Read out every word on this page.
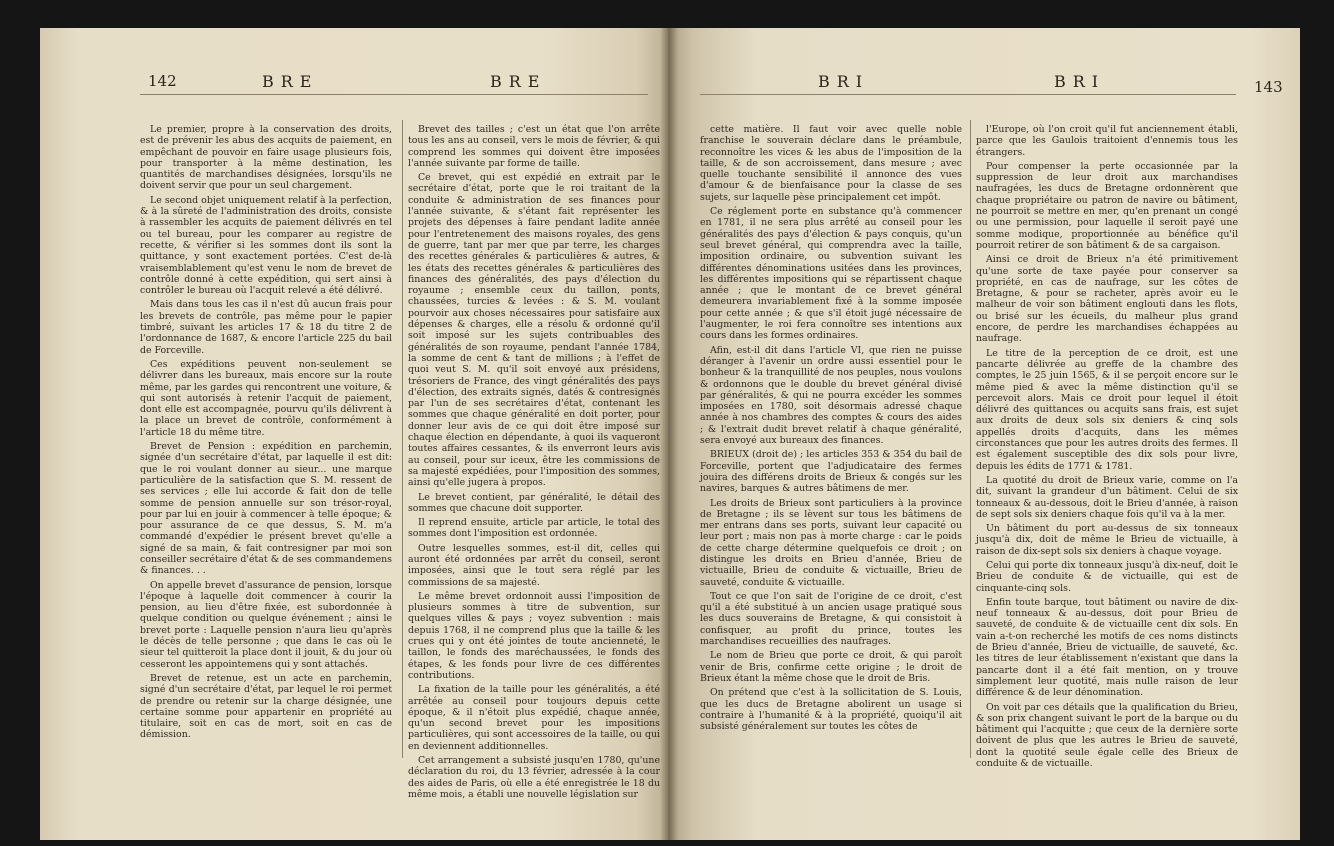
142	BRE	BRE

Le premier, propre à la conservation des droits, est de prévenir les abus des acquits de paiement, en empêchant de pouvoir en faire usage plusieurs fois, pour transporter à la même destination, les quantités de marchandises désignées, lorsqu'ils ne doivent servir que pour un seul chargement.

Le second objet uniquement relatif à la perfection, & à la sûreté de l'administration des droits, consiste à rassembler les acquits de paiement délivrés en tel ou tel bureau, pour les comparer au registre de recette, & vérifier si les sommes dont ils sont la quittance, y sont exactement portées. C'est de-là vraisemblablement qu'est venu le nom de brevet de contrôle donné à cette expédition, qui sert ainsi à contrôler le bureau où l'acquit relevé a été délivré.

Mais dans tous les cas il n'est dû aucun frais pour les brevets de contrôle, pas même pour le papier timbré, suivant les articles 17 & 18 du titre 2 de l'ordonnance de 1687, & encore l'article 225 du bail de Forceville.

Ces expéditions peuvent non-seulement se délivrer dans les bureaux, mais encore sur la route même, par les gardes qui rencontrent une voiture, & qui sont autorisés à retenir l'acquit de paiement, dont elle est accompagnée, pourvu qu'ils délivrent à la place un brevet de contrôle, conformément à l'article 18 du même titre.

Brevet de Pension : expédition en parchemin, signée d'un secrétaire d'état, par laquelle il est dit: que le roi voulant donner au sieur... une marque particulière de la satisfaction que S. M. ressent de ses services ; elle lui accorde & fait don de telle somme de pension annuelle sur son trésor-royal, pour par lui en jouir à commencer à telle époque; & pour assurance de ce que dessus, S. M. m'a commandé d'expédier le présent brevet qu'elle a signé de sa main, & fait contresigner par moi son conseiller secrétaire d'état & de ses commandemens & finances. . .

On appelle brevet d'assurance de pension, lorsque l'époque à laquelle doit commencer à courir la pension, au lieu d'être fixée, est subordonnée à quelque condition ou quelque événement ; ainsi le brevet porte : Laquelle pension n'aura lieu qu'après le décès de telle personne ; que dans le cas où le sieur tel quitteroit la place dont il jouit, & du jour où cesseront les appointemens qui y sont attachés.

Brevet de retenue, est un acte en parchemin, signé d'un secrétaire d'état, par lequel le roi permet de prendre ou retenir sur la charge désignée, une certaine somme pour appartenir en propriété au titulaire, soit en cas de mort, soit en cas de démission.

Brevet des tailles ; c'est un état que l'on arrête tous les ans au conseil, vers le mois de février, & qui comprend les sommes qui doivent être imposées l'année suivante par forme de taille.

Ce brevet, qui est expédié en extrait par le secrétaire d'état, porte que le roi traitant de la conduite & administration de ses finances pour l'année suivante, & s'étant fait représenter les projets des dépenses à faire pendant ladite année pour l'entretenement des maisons royales, des gens de guerre, tant par mer que par terre, les charges des recettes générales & particulières & autres, & les états des recettes générales & particulières des finances des généralités, des pays d'élection du royaume ; ensemble ceux du taillon, ponts, chaussées, turcies & levées : & S. M. voulant pourvoir aux choses nécessaires pour satisfaire aux dépenses & charges, elle a résolu & ordonné qu'il soit imposé sur les sujets contribuables des généralités de son royaume, pendant l'année 1784, la somme de cent & tant de millions ; à l'effet de quoi veut S. M. qu'il soit envoyé aux présidens, trésoriers de France, des vingt généralités des pays d'élection, des extraits signés, datés & contresignés par l'un de ses secrétaires d'état, contenant les sommes que chaque généralité en doit porter, pour donner leur avis de ce qui doit être imposé sur chaque élection en dépendante, à quoi ils vaqueront toutes affaires cessantes, & ils enverront leurs avis au conseil, pour sur iceux, être les commissions de sa majesté expédiées, pour l'imposition des sommes, ainsi qu'elle jugera à propos.

Le brevet contient, par généralité, le détail des sommes que chacune doit supporter.

Il reprend ensuite, article par article, le total des sommes dont l'imposition est ordonnée.

Outre lesquelles sommes, est-il dit, celles qui auront été ordonnées par arrêt du conseil, seront imposées, ainsi que le tout sera réglé par les commissions de sa majesté.

Le même brevet ordonnoit aussi l'imposition de plusieurs sommes à titre de subvention, sur quelques villes & pays ; voyez subvention : mais depuis 1768, il ne comprend plus que la taille & les crues qui y ont été jointes de toute ancienneté, le taillon, le fonds des maréchaussées, le fonds des étapes, & les fonds pour livre de ces différentes contributions.

La fixation de la taille pour les généralités, a été arrêtée au conseil pour toujours depuis cette époque, & il n'étoit plus expédié, chaque année, qu'un second brevet pour les impositions particulières, qui sont accessoires de la taille, ou qui en deviennent additionnelles.

Cet arrangement a subsisté jusqu'en 1780, qu'une déclaration du roi, du 13 février, adressée à la cour des aides de Paris, où elle a été enregistrée le 18 du même mois, a établi une nouvelle législation sur

BRI	BRI	143

cette matière. Il faut voir avec quelle noble franchise le souverain déclare dans le préambule, reconnoître les vices & les abus de l'imposition de la taille, & de son accroissement, dans mesure ; avec quelle touchante sensibilité il annonce des vues d'amour & de bienfaisance pour la classe de ses sujets, sur laquelle pèse principalement cet impôt.

Ce réglement porte en substance qu'à commencer en 1781, il ne sera plus arrêté au conseil pour les généralités des pays d'élection & pays conquis, qu'un seul brevet général, qui comprendra avec la taille, imposition ordinaire, ou subvention suivant les différentes dénominations usitées dans les provinces, les différentes impositions qui se répartissent chaque année ; que le montant de ce brevet général demeurera invariablement fixé à la somme imposée pour cette année ; & que s'il étoit jugé nécessaire de l'augmenter, le roi fera connoître ses intentions aux cours dans les formes ordinaires.

Afin, est-il dit dans l'article VI, que rien ne puisse déranger à l'avenir un ordre aussi essentiel pour le bonheur & la tranquillité de nos peuples, nous voulons & ordonnons que le double du brevet général divisé par généralités, & qui ne pourra excéder les sommes imposées en 1780, soit désormais adressé chaque année à nos chambres des comptes & cours des aides ; & l'extrait dudit brevet relatif à chaque généralité, sera envoyé aux bureaux des finances.

BRIEUX (droit de) ; les articles 353 & 354 du bail de Forceville, portent que l'adjudicataire des fermes jouira des différens droits de Brieux & congés sur les navires, barques & autres bâtimens de mer.

Les droits de Brieux sont particuliers à la province de Bretagne ; ils se lèvent sur tous les bâtimens de mer entrans dans ses ports, suivant leur capacité ou leur port ; mais non pas à morte charge : car le poids de cette charge détermine quelquefois ce droit ; on distingue les droits en Brieu d'année, Brieu de victuaille, Brieu de conduite & victuaille, Brieu de sauveté, conduite & victuaille.

Tout ce que l'on sait de l'origine de ce droit, c'est qu'il a été substitué à un ancien usage pratiqué sous les ducs souverains de Bretagne, & qui consistoit à confisquer, au profit du prince, toutes les marchandises recueillies des naufrages.

Le nom de Brieu que porte ce droit, & qui paroît venir de Bris, confirme cette origine ; le droit de Brieux étant la même chose que le droit de Bris.

On prétend que c'est à la sollicitation de S. Louis, que les ducs de Bretagne abolirent un usage si contraire à l'humanité & à la propriété, quoiqu'il ait subsisté généralement sur toutes les côtes de

l'Europe, où l'on croit qu'il fut anciennement établi, parce que les Gaulois traitoient d'ennemis tous les étrangers.

Pour compenser la perte occasionnée par la suppression de leur droit aux marchandises naufragées, les ducs de Bretagne ordonnèrent que chaque propriétaire ou patron de navire ou bâtiment, ne pourroit se mettre en mer, qu'en prenant un congé ou une permission, pour laquelle il seroit payé une somme modique, proportionnée au bénéfice qu'il pourroit retirer de son bâtiment & de sa cargaison.

Ainsi ce droit de Brieux n'a été primitivement qu'une sorte de taxe payée pour conserver sa propriété, en cas de naufrage, sur les côtes de Bretagne, & pour se racheter, après avoir eu le malheur de voir son bâtiment englouti dans les flots, ou brisé sur les écueils, du malheur plus grand encore, de perdre les marchandises échappées au naufrage.

Le titre de la perception de ce droit, est une pancarte délivrée au greffe de la chambre des comptes, le 25 juin 1565, & il se perçoit encore sur le même pied & avec la même distinction qu'il se percevoit alors. Mais ce droit pour lequel il étoit délivré des quittances ou acquits sans frais, est sujet aux droits de deux sols six deniers & cinq sols appellés droits d'acquits, dans les mêmes circonstances que pour les autres droits des fermes. Il est également susceptible des dix sols pour livre, depuis les édits de 1771 & 1781.

La quotité du droit de Brieux varie, comme on l'a dit, suivant la grandeur d'un bâtiment. Celui de six tonneaux & au-dessous, doit le Brieu d'année, à raison de sept sols six deniers chaque fois qu'il va à la mer.

Un bâtiment du port au-dessus de six tonneaux jusqu'à dix, doit de même le Brieu de victuaille, à raison de dix-sept sols six deniers à chaque voyage.

Celui qui porte dix tonneaux jusqu'à dix-neuf, doit le Brieu de conduite & de victuaille, qui est de cinquante-cinq sols.

Enfin toute barque, tout bâtiment ou navire de dix-neuf tonneaux & au-dessus, doit pour Brieu de sauveté, de conduite & de victuaille cent dix sols. En vain a-t-on recherché les motifs de ces noms distincts de Brieu d'année, Brieu de victuaille, de sauveté, &c. les titres de leur établissement n'existant que dans la pancarte dont il a été fait mention, on y trouve simplement leur quotité, mais nulle raison de leur différence & de leur dénomination.

On voit par ces détails que la qualification du Brieu, & son prix changent suivant le port de la barque ou du bâtiment qui l'acquitte ; que ceux de la dernière sorte doivent de plus que les autres le Brieu de sauveté, dont la quotité seule égale celle des Brieux de conduite & de victuaille.
